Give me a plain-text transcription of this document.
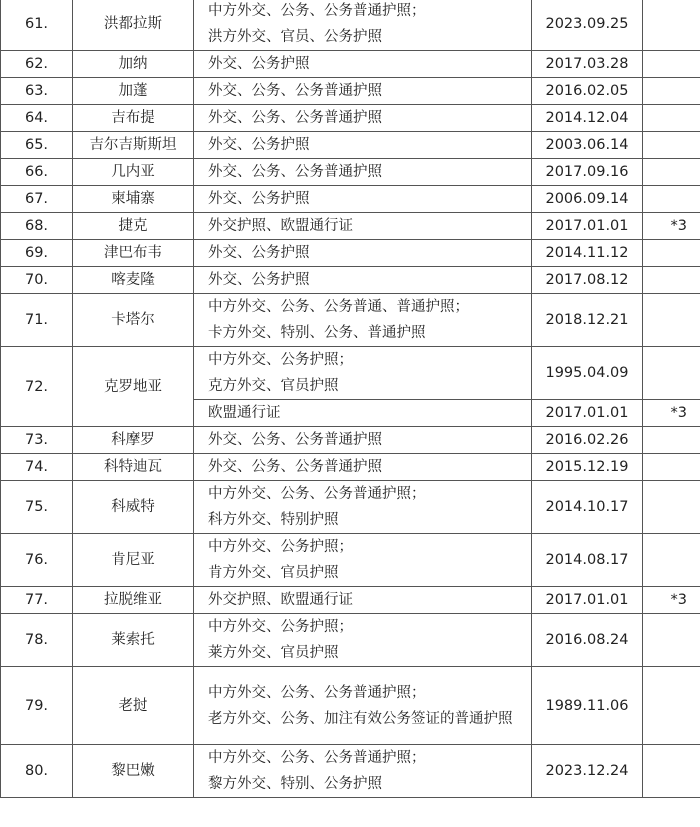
61.	洪都拉斯	中方外交、公务、公务普通护照；
洪方外交、官员、公务护照	2023.09.25	
62.	加纳	外交、公务护照	2017.03.28	
63.	加蓬	外交、公务、公务普通护照	2016.02.05	
64.	吉布提	外交、公务、公务普通护照	2014.12.04	
65.	吉尔吉斯斯坦	外交、公务护照	2003.06.14	
66.	几内亚	外交、公务、公务普通护照	2017.09.16	
67.	柬埔寨	外交、公务护照	2006.09.14	
68.	捷克	外交护照、欧盟通行证	2017.01.01	*3
69.	津巴布韦	外交、公务护照	2014.11.12	
70.	喀麦隆	外交、公务护照	2017.08.12	
71.	卡塔尔	中方外交、公务、公务普通、普通护照；
卡方外交、特别、公务、普通护照	2018.12.21	
72.	克罗地亚	中方外交、公务护照；
克方外交、官员护照	1995.04.09	

		欧盟通行证	2017.01.01	*3
73.	科摩罗	外交、公务、公务普通护照	2016.02.26	
74.	科特迪瓦	外交、公务、公务普通护照	2015.12.19	
75.	科威特	中方外交、公务、公务普通护照；
科方外交、特别护照	2014.10.17	
76.	肯尼亚	中方外交、公务护照；
肯方外交、官员护照	2014.08.17	
77.	拉脱维亚	外交护照、欧盟通行证	2017.01.01	*3
78.	莱索托	中方外交、公务护照；
莱方外交、官员护照	2016.08.24	
79.	老挝	中方外交、公务、公务普通护照；
老方外交、公务、加注有效公务签证的普通护照	1989.11.06	
80.	黎巴嫩	中方外交、公务、公务普通护照；
黎方外交、特别、公务护照	2023.12.24	
